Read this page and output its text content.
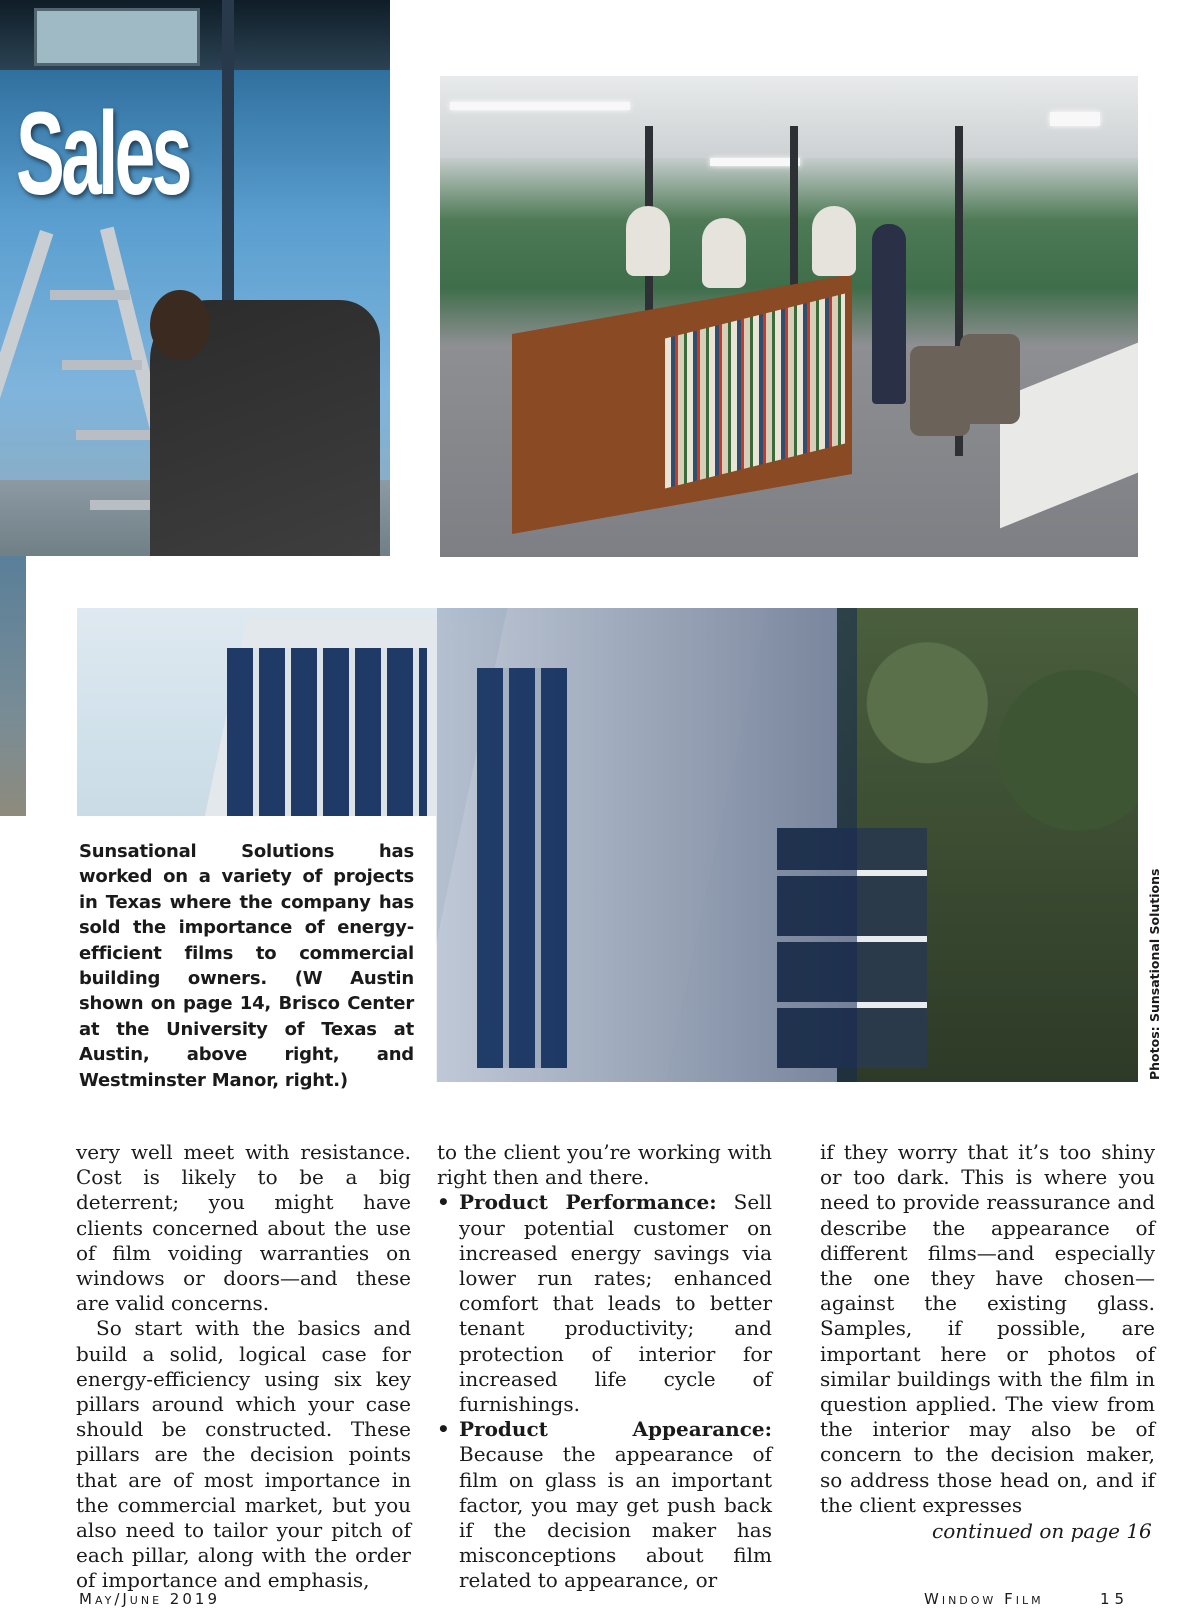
Sales
Sunsational Solutions has worked on a variety of projects in Texas where the company has sold the importance of energy-efficient films to commercial building owners. (W Austin shown on page 14, Brisco Center at the University of Texas at Austin, above right, and Westminster Manor, right.)
Photos: Sunsational Solutions

very well meet with resistance. Cost is likely to be a big deterrent; you might have clients concerned about the use of film voiding warranties on windows or doors—and these are valid concerns.

So start with the basics and build a solid, logical case for energy-efficiency using six key pillars around which your case should be constructed. These pillars are the decision points that are of most importance in the commercial market, but you also need to tailor your pitch of each pillar, along with the order of importance and emphasis,

to the client you’re working with right then and there.

• Product Performance: Sell your potential customer on increased energy savings via lower run rates; enhanced comfort that leads to better tenant productivity; and protection of interior for increased life cycle of furnishings.
• Product Appearance: Because the appearance of film on glass is an important factor, you may get push back if the decision maker has misconceptions about film related to appearance, or

if they worry that it’s too shiny or too dark. This is where you need to provide reassurance and describe the appearance of different films—and especially the one they have chosen—against the existing glass. Samples, if possible, are important here or photos of similar buildings with the film in question applied. The view from the interior may also be of concern to the decision maker, so address those head on, and if the client expresses

continued on page 16
May/June 2019	Window Film	15
